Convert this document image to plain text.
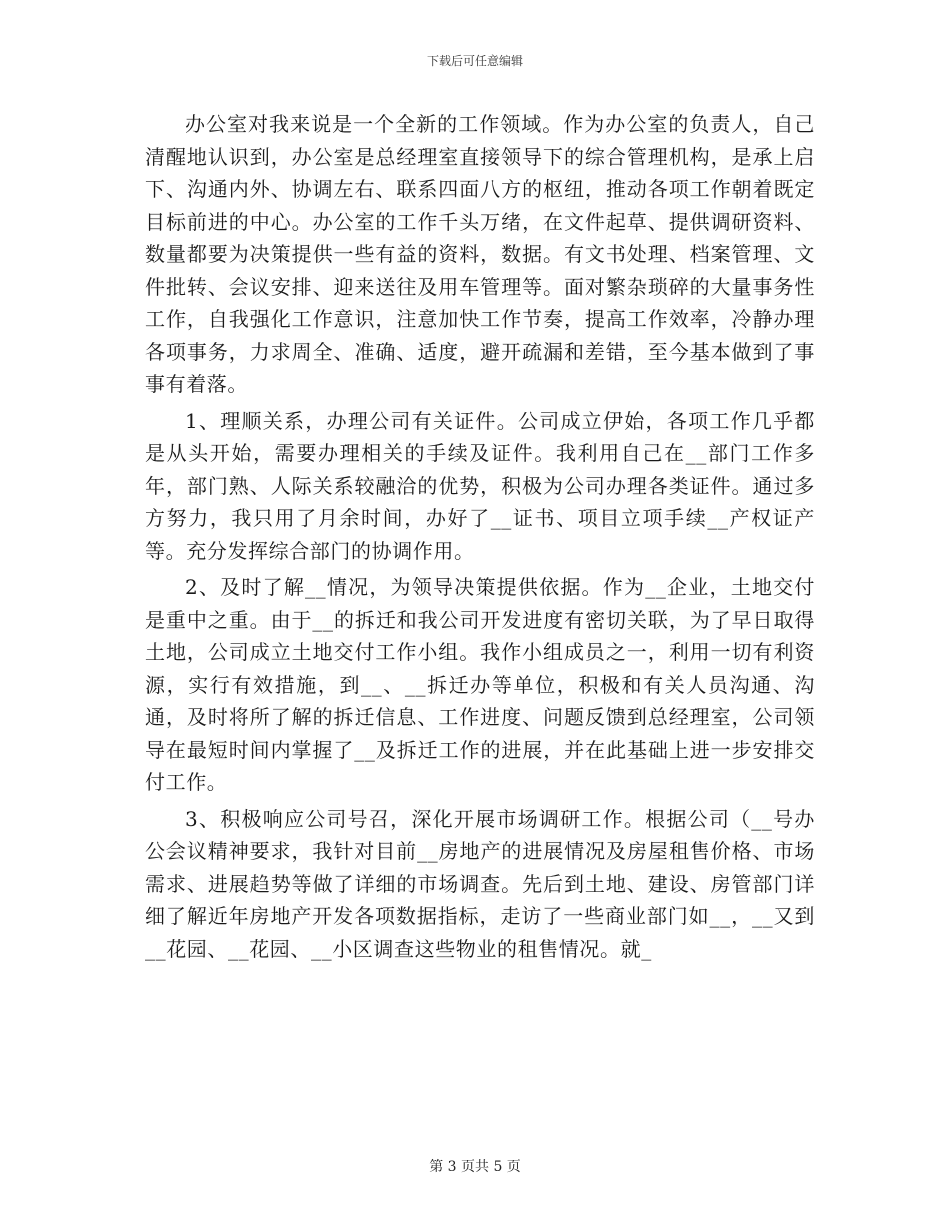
下载后可任意编辑

办公室对我来说是一个全新的工作领域。作为办公室的负责人，自己清醒地认识到，办公室是总经理室直接领导下的综合管理机构，是承上启下、沟通内外、协调左右、联系四面八方的枢纽，推动各项工作朝着既定目标前进的中心。办公室的工作千头万绪，在文件起草、提供调研资料、数量都要为决策提供一些有益的资料，数据。有文书处理、档案管理、文件批转、会议安排、迎来送往及用车管理等。面对繁杂琐碎的大量事务性工作，自我强化工作意识，注意加快工作节奏，提高工作效率，冷静办理各项事务，力求周全、准确、适度，避开疏漏和差错，至今基本做到了事事有着落。

1、理顺关系，办理公司有关证件。公司成立伊始，各项工作几乎都是从头开始，需要办理相关的手续及证件。我利用自己在__部门工作多年，部门熟、人际关系较融洽的优势，积极为公司办理各类证件。通过多方努力，我只用了月余时间，办好了__证书、项目立项手续__产权证产等。充分发挥综合部门的协调作用。

2、及时了解__情况，为领导决策提供依据。作为__企业，土地交付是重中之重。由于__的拆迁和我公司开发进度有密切关联，为了早日取得土地，公司成立土地交付工作小组。我作小组成员之一，利用一切有利资源，实行有效措施，到__、__拆迁办等单位，积极和有关人员沟通、沟通，及时将所了解的拆迁信息、工作进度、问题反馈到总经理室，公司领导在最短时间内掌握了__及拆迁工作的进展，并在此基础上进一步安排交付工作。

3、积极响应公司号召，深化开展市场调研工作。根据公司（__号办公会议精神要求，我针对目前__房地产的进展情况及房屋租售价格、市场需求、进展趋势等做了详细的市场调查。先后到土地、建设、房管部门详细了解近年房地产开发各项数据指标，走访了一些商业部门如__，__又到__花园、__花园、__小区调查这些物业的租售情况。就_

第 3 页共 5 页
